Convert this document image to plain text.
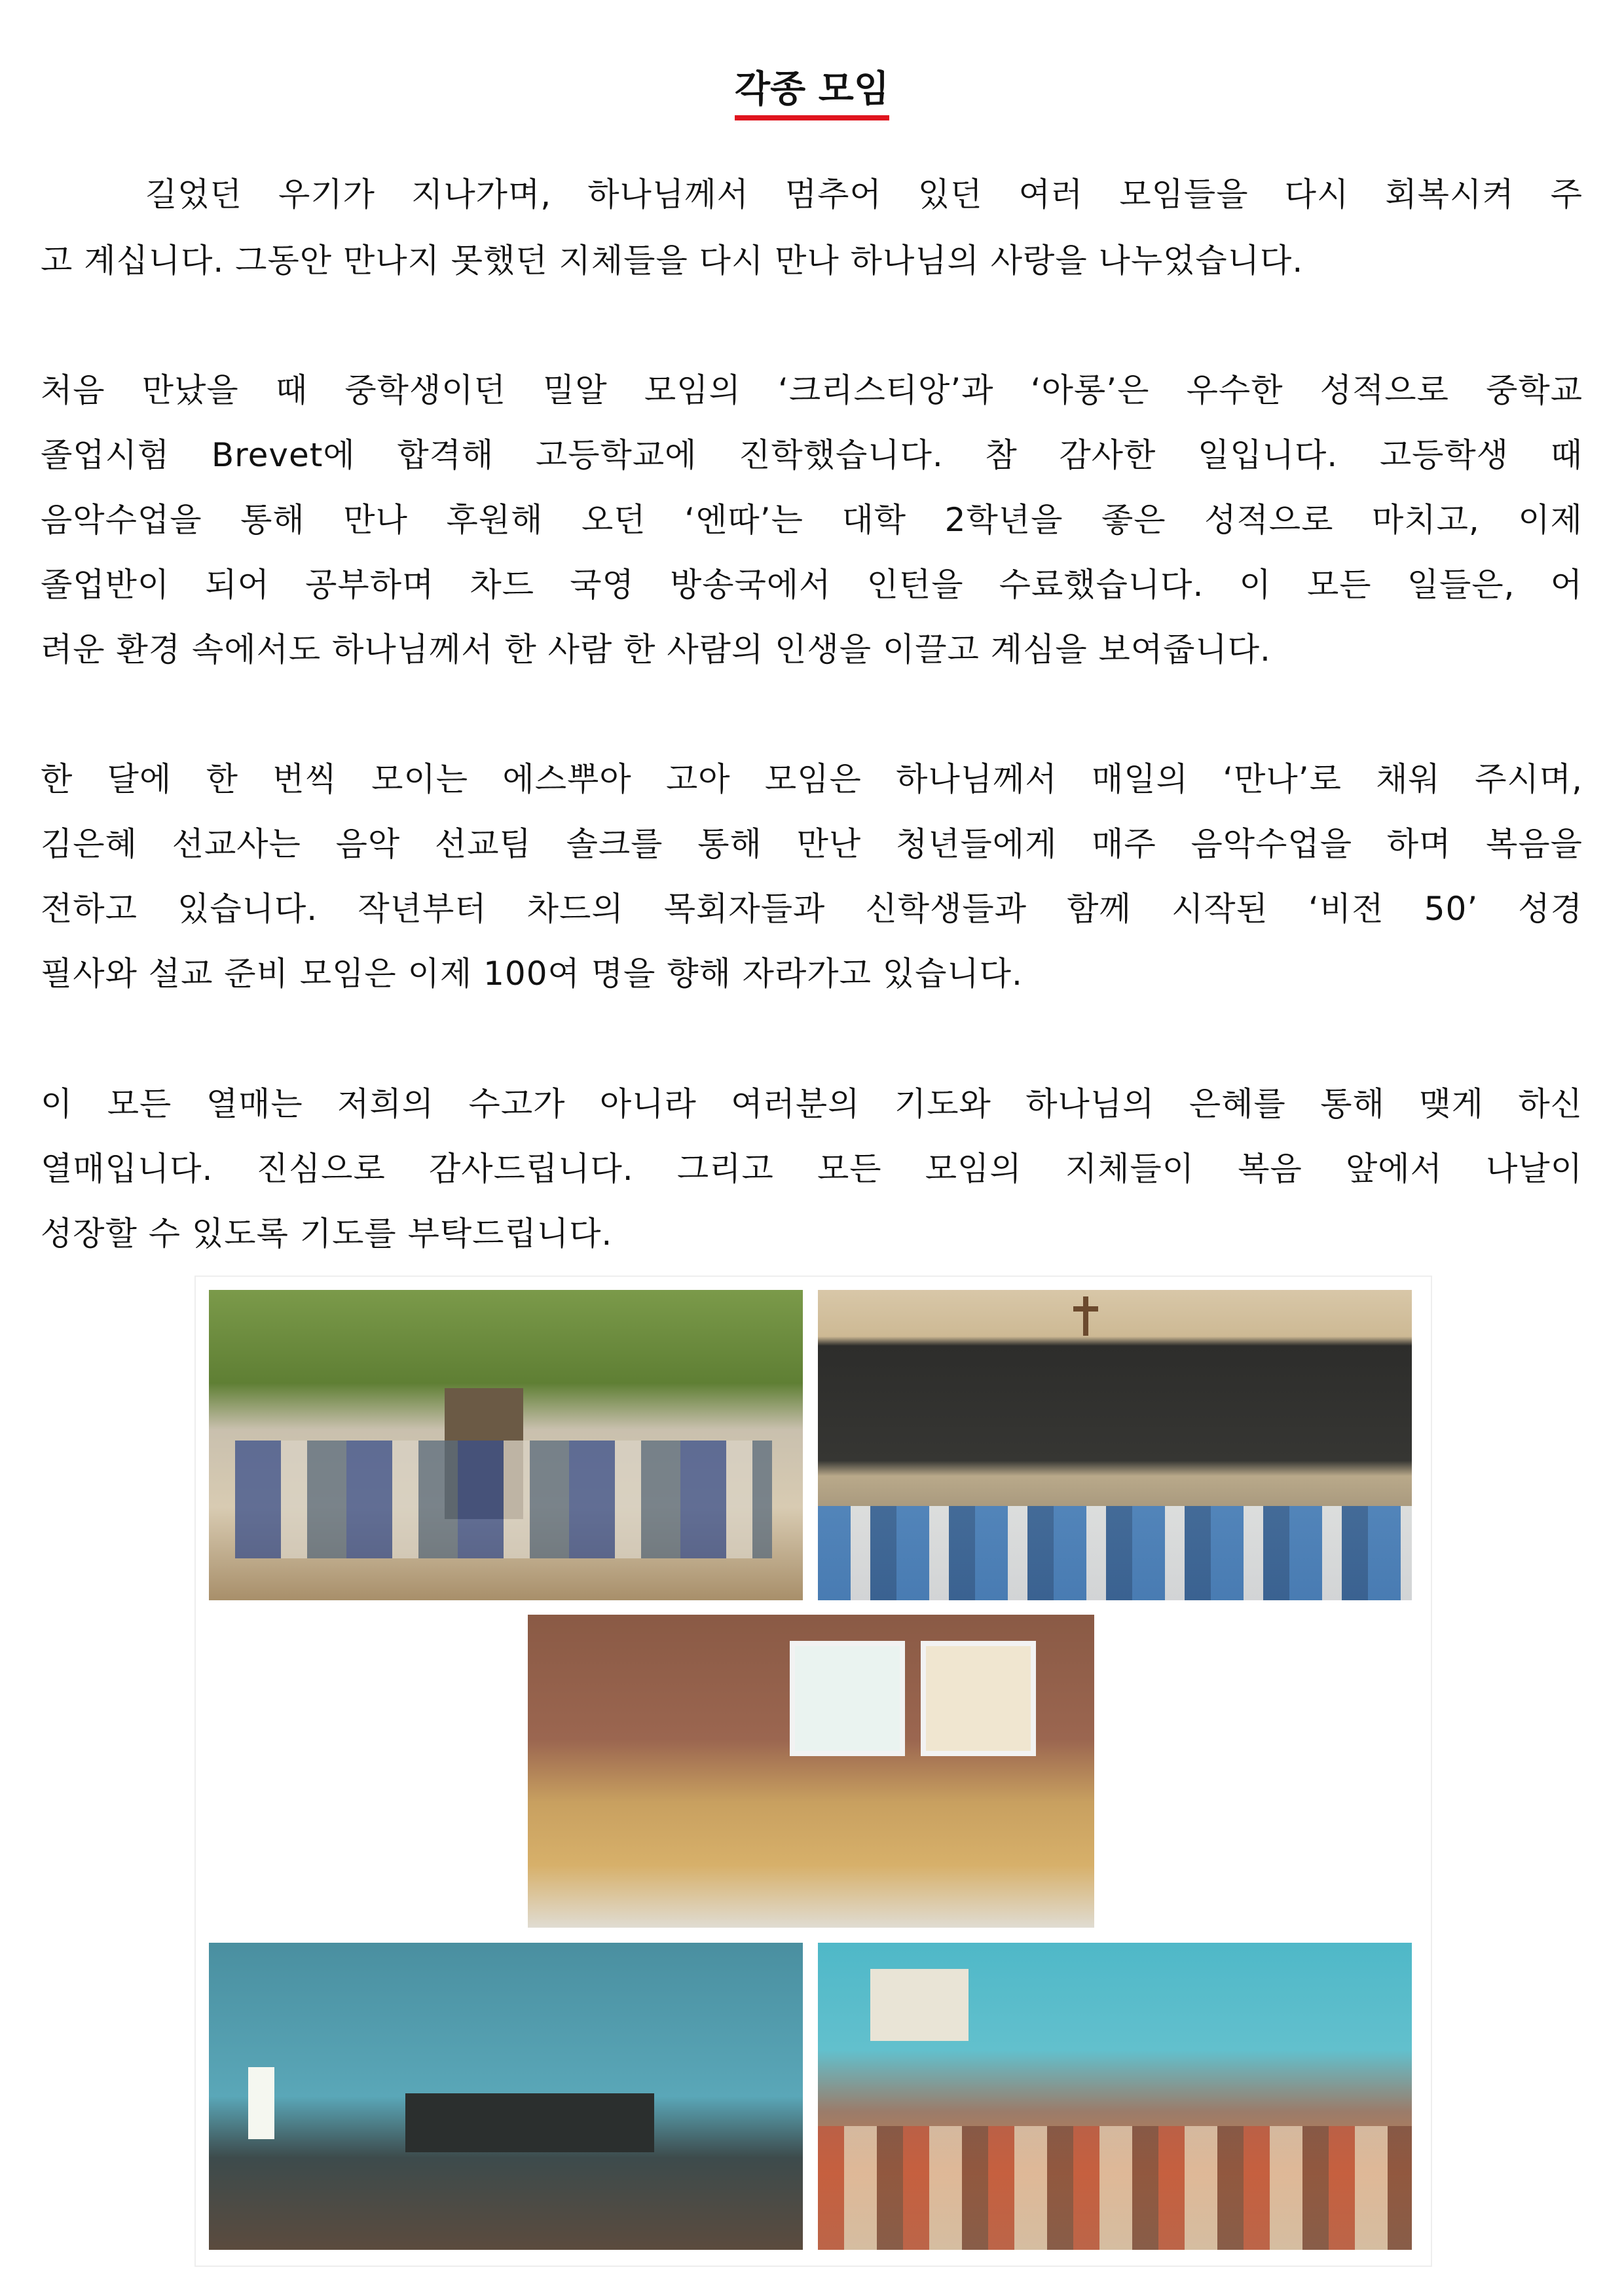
각종 모임
길었던 우기가 지나가며, 하나님께서 멈추어 있던 여러 모임들을 다시 회복시켜 주
고 계십니다. 그동안 만나지 못했던 지체들을 다시 만나 하나님의 사랑을 나누었습니다.
처음 만났을 때 중학생이던 밀알 모임의 ‘크리스티앙’과 ‘아롱’은 우수한 성적으로 중학교
졸업시험 Brevet에 합격해 고등학교에 진학했습니다. 참 감사한 일입니다. 고등학생 때
음악수업을 통해 만나 후원해 오던 ‘엔따’는 대학 2학년을 좋은 성적으로 마치고, 이제
졸업반이 되어 공부하며 차드 국영 방송국에서 인턴을 수료했습니다. 이 모든 일들은, 어
려운 환경 속에서도 하나님께서 한 사람 한 사람의 인생을 이끌고 계심을 보여줍니다.
한 달에 한 번씩 모이는 에스뿌아 고아 모임은 하나님께서 매일의 ‘만나’로 채워 주시며,
김은혜 선교사는 음악 선교팀 솔크를 통해 만난 청년들에게 매주 음악수업을 하며 복음을
전하고 있습니다. 작년부터 차드의 목회자들과 신학생들과 함께 시작된 ‘비전 50’ 성경
필사와 설교 준비 모임은 이제 100여 명을 향해 자라가고 있습니다.
이 모든 열매는 저희의 수고가 아니라 여러분의 기도와 하나님의 은혜를 통해 맺게 하신
열매입니다. 진심으로 감사드립니다. 그리고 모든 모임의 지체들이 복음 앞에서 나날이
성장할 수 있도록 기도를 부탁드립니다.
